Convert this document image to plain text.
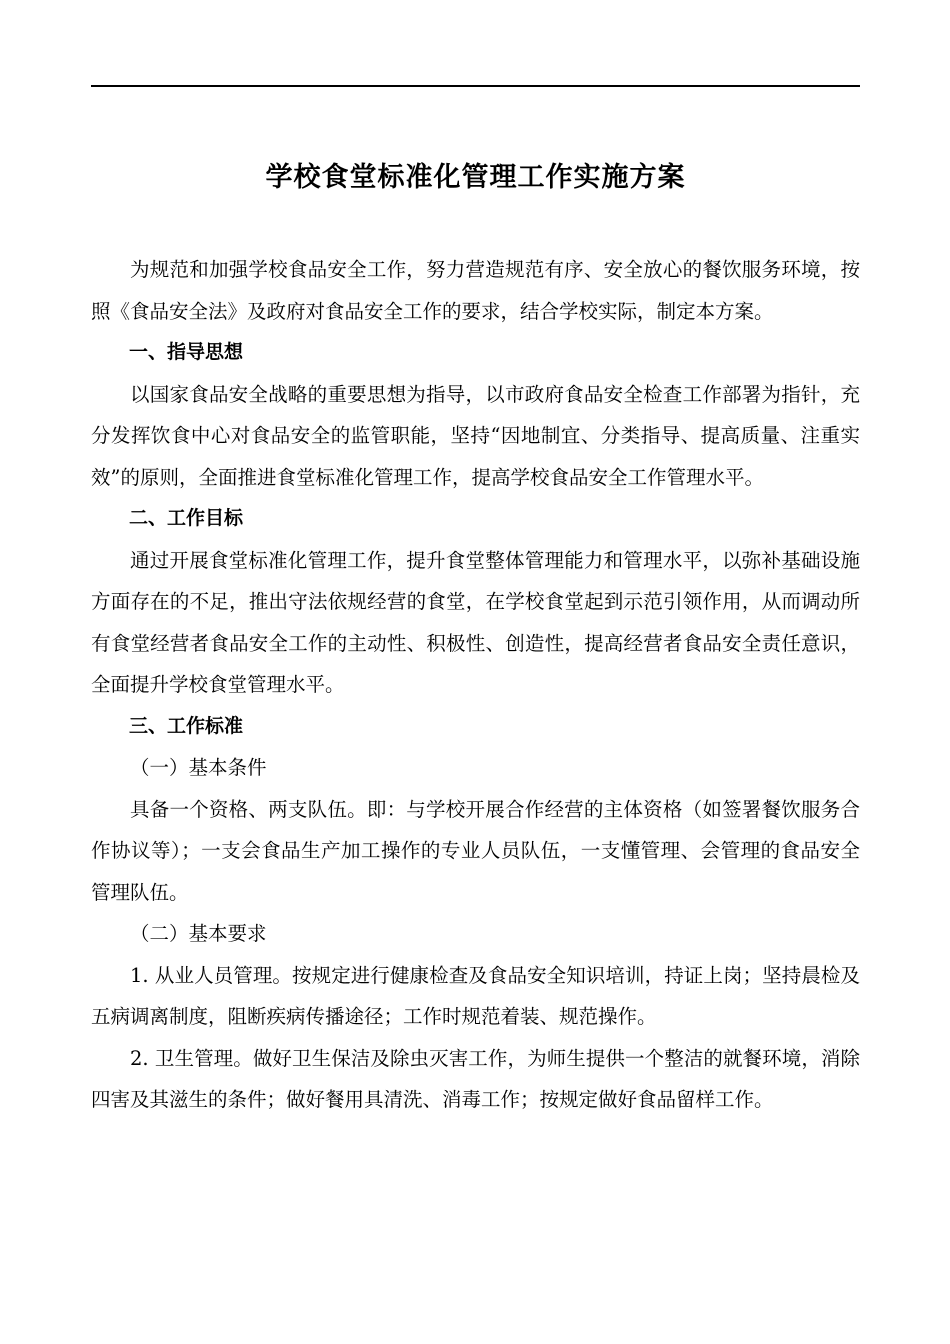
学校食堂标准化管理工作实施方案

为规范和加强学校食品安全工作，努力营造规范有序、安全放心的餐饮服务环境，按照《食品安全法》及政府对食品安全工作的要求，结合学校实际，制定本方案。

一、指导思想

以国家食品安全战略的重要思想为指导，以市政府食品安全检查工作部署为指针，充分发挥饮食中心对食品安全的监管职能，坚持“因地制宜、分类指导、提高质量、注重实效”的原则，全面推进食堂标准化管理工作，提高学校食品安全工作管理水平。

二、工作目标

通过开展食堂标准化管理工作，提升食堂整体管理能力和管理水平，以弥补基础设施方面存在的不足，推出守法依规经营的食堂，在学校食堂起到示范引领作用，从而调动所有食堂经营者食品安全工作的主动性、积极性、创造性，提高经营者食品安全责任意识，全面提升学校食堂管理水平。

三、工作标准

（一）基本条件

具备一个资格、两支队伍。即：与学校开展合作经营的主体资格（如签署餐饮服务合作协议等）；一支会食品生产加工操作的专业人员队伍，一支懂管理、会管理的食品安全管理队伍。

（二）基本要求

1. 从业人员管理。按规定进行健康检查及食品安全知识培训，持证上岗；坚持晨检及五病调离制度，阻断疾病传播途径；工作时规范着装、规范操作。

2. 卫生管理。做好卫生保洁及除虫灭害工作，为师生提供一个整洁的就餐环境，消除四害及其滋生的条件；做好餐用具清洗、消毒工作；按规定做好食品留样工作。
